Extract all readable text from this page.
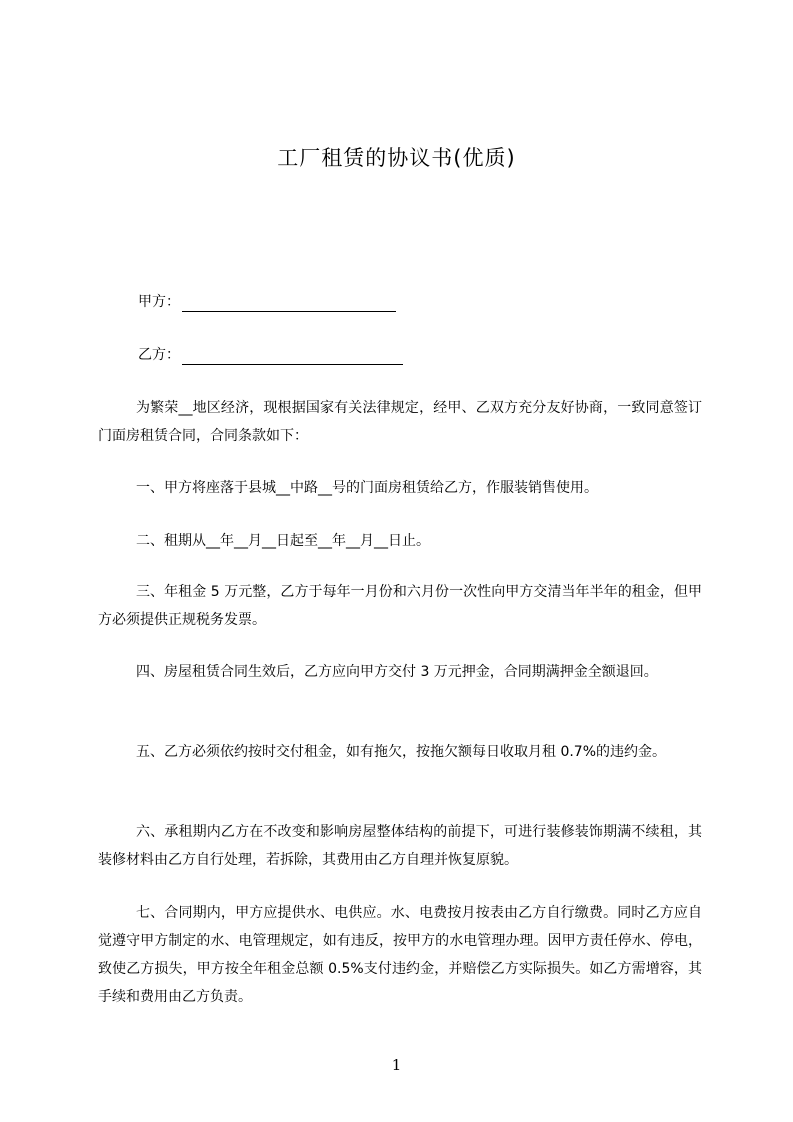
工厂租赁的协议书(优质)
甲方：
乙方：

为繁荣__地区经济，现根据国家有关法律规定，经甲、乙双方充分友好协商，一致同意签订门面房租赁合同，合同条款如下：

一、甲方将座落于县城__中路__号的门面房租赁给乙方，作服装销售使用。

二、租期从__年__月__日起至__年__月__日止。

三、年租金 5 万元整，乙方于每年一月份和六月份一次性向甲方交清当年半年的租金，但甲方必须提供正规税务发票。

四、房屋租赁合同生效后，乙方应向甲方交付 3 万元押金，合同期满押金全额退回。

五、乙方必须依约按时交付租金，如有拖欠，按拖欠额每日收取月租 0.7%的违约金。

六、承租期内乙方在不改变和影响房屋整体结构的前提下，可进行装修装饰期满不续租，其装修材料由乙方自行处理，若拆除，其费用由乙方自理并恢复原貌。

七、合同期内，甲方应提供水、电供应。水、电费按月按表由乙方自行缴费。同时乙方应自觉遵守甲方制定的水、电管理规定，如有违反，按甲方的水电管理办理。因甲方责任停水、停电，致使乙方损失，甲方按全年租金总额 0.5%支付违约金，并赔偿乙方实际损失。如乙方需增容，其手续和费用由乙方负责。

1
